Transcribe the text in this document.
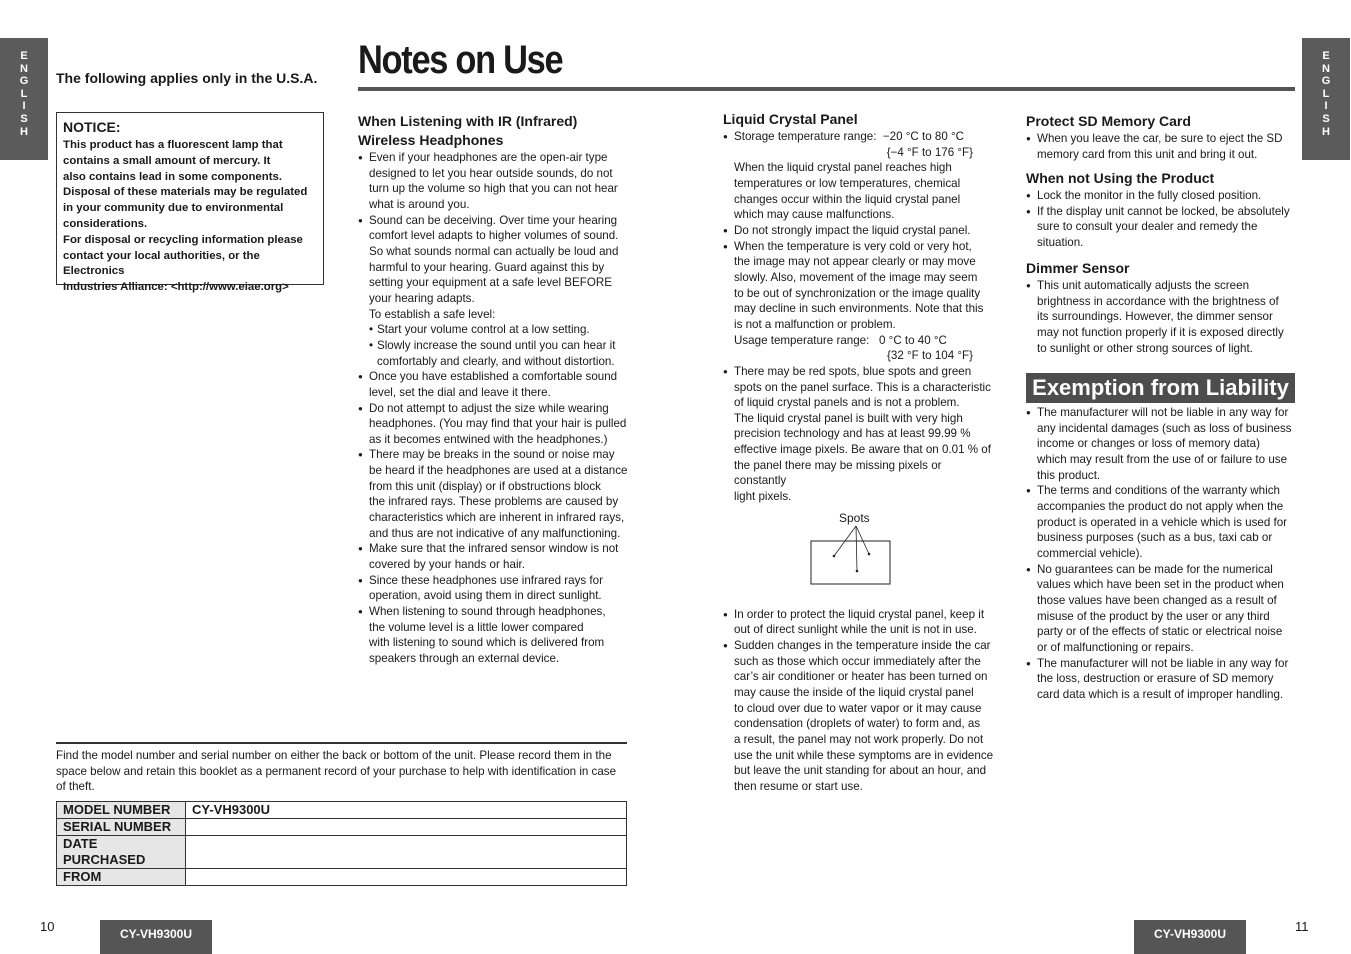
E
N
G
L
I
S
H
E
N
G
L
I
S
H
Notes on Use
The following applies only in the U.S.A.
NOTICE:

This product has a fluorescent lamp that
contains a small amount of mercury. It
also contains lead in some components.
Disposal of these materials may be regulated
in your community due to environmental
considerations.
For disposal or recycling information please
contact your local authorities, or the Electronics
Industries Alliance: <http://www.eiae.org>

When Listening with IR (Infrared)
Wireless Headphones
● Even if your headphones are the open-air type
designed to let you hear outside sounds, do not
turn up the volume so high that you can not hear
what is around you.
● Sound can be deceiving. Over time your hearing
comfort level adapts to higher volumes of sound.
So what sounds normal can actually be loud and
harmful to your hearing. Guard against this by
setting your equipment at a safe level BEFORE
your hearing adapts.
To establish a safe level:
• Start your volume control at a low setting.
• Slowly increase the sound until you can hear it
comfortably and clearly, and without distortion.
● Once you have established a comfortable sound
level, set the dial and leave it there.
● Do not attempt to adjust the size while wearing
headphones. (You may find that your hair is pulled
as it becomes entwined with the headphones.)
● There may be breaks in the sound or noise may
be heard if the headphones are used at a distance
from this unit (display) or if obstructions block
the infrared rays. These problems are caused by
characteristics which are inherent in infrared rays,
and thus are not indicative of any malfunctioning.
● Make sure that the infrared sensor window is not
covered by your hands or hair.
● Since these headphones use infrared rays for
operation, avoid using them in direct sunlight.
● When listening to sound through headphones,
the volume level is a little lower compared
with listening to sound which is delivered from
speakers through an external device.
Liquid Crystal Panel
● Storage temperature range: −20 °C to 80 °C
{−4 °F to 176 °F}
When the liquid crystal panel reaches high
temperatures or low temperatures, chemical
changes occur within the liquid crystal panel
which may cause malfunctions.
● Do not strongly impact the liquid crystal panel.
● When the temperature is very cold or very hot,
the image may not appear clearly or may move
slowly. Also, movement of the image may seem
to be out of synchronization or the image quality
may decline in such environments. Note that this
is not a malfunction or problem.
Usage temperature range: 0 °C to 40 °C
{32 °F to 104 °F}
● There may be red spots, blue spots and green
spots on the panel surface. This is a characteristic
of liquid crystal panels and is not a problem.
The liquid crystal panel is built with very high
precision technology and has at least 99.99 %
effective image pixels. Be aware that on 0.01 % of
the panel there may be missing pixels or constantly
light pixels.
Spots
● In order to protect the liquid crystal panel, keep it
out of direct sunlight while the unit is not in use.
● Sudden changes in the temperature inside the car
such as those which occur immediately after the
car’s air conditioner or heater has been turned on
may cause the inside of the liquid crystal panel
to cloud over due to water vapor or it may cause
condensation (droplets of water) to form and, as
a result, the panel may not work properly. Do not
use the unit while these symptoms are in evidence
but leave the unit standing for about an hour, and
then resume or start use.
Protect SD Memory Card
● When you leave the car, be sure to eject the SD
memory card from this unit and bring it out.
When not Using the Product
● Lock the monitor in the fully closed position.
● If the display unit cannot be locked, be absolutely
sure to consult your dealer and remedy the
situation.
Dimmer Sensor
● This unit automatically adjusts the screen
brightness in accordance with the brightness of
its surroundings. However, the dimmer sensor
may not function properly if it is exposed directly
to sunlight or other strong sources of light.
Exemption from Liability
● The manufacturer will not be liable in any way for
any incidental damages (such as loss of business
income or changes or loss of memory data)
which may result from the use of or failure to use
this product.
● The terms and conditions of the warranty which
accompanies the product do not apply when the
product is operated in a vehicle which is used for
business purposes (such as a bus, taxi cab or
commercial vehicle).
● No guarantees can be made for the numerical
values which have been set in the product when
those values have been changed as a result of
misuse of the product by the user or any third
party or of the effects of static or electrical noise
or of malfunctioning or repairs.
● The manufacturer will not be liable in any way for
the loss, destruction or erasure of SD memory
card data which is a result of improper handling.
Find the model number and serial number on either the back or bottom of the unit. Please record them in the
space below and retain this booklet as a permanent record of your purchase to help with identification in case
of theft.
MODEL NUMBER	CY-VH9300U
SERIAL NUMBER	
DATE PURCHASED	
FROM	
10	CY-VH9300U	CY-VH9300U	11
